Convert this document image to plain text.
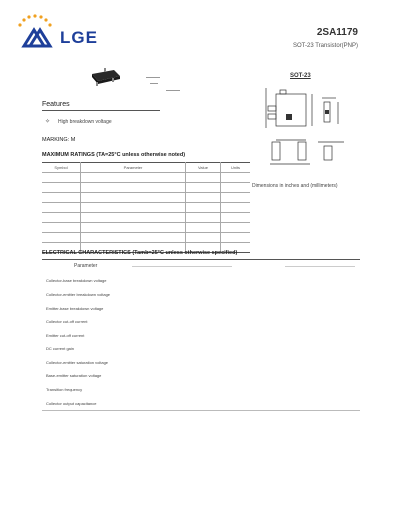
LGE	2SA1179
SOT-23 Transistor(PNP)
SOT-23
Dimensions in inches and (millimeters)
Features
✧ High breakdown voltage
MARKING: M
MAXIMUM RATINGS (TA=25°C unless otherwise noted)
Symbol	Parameter	Value	Units

ELECTRICAL CHARACTERISTICS (Tamb=25°C unless otherwise specified)
Parameter
Collector-base breakdown voltage
Collector-emitter breakdown voltage
Emitter-base breakdown voltage
Collector cut-off current
Emitter cut-off current
DC current gain
Collector-emitter saturation voltage
Base-emitter saturation voltage
Transition frequency
Collector output capacitance
